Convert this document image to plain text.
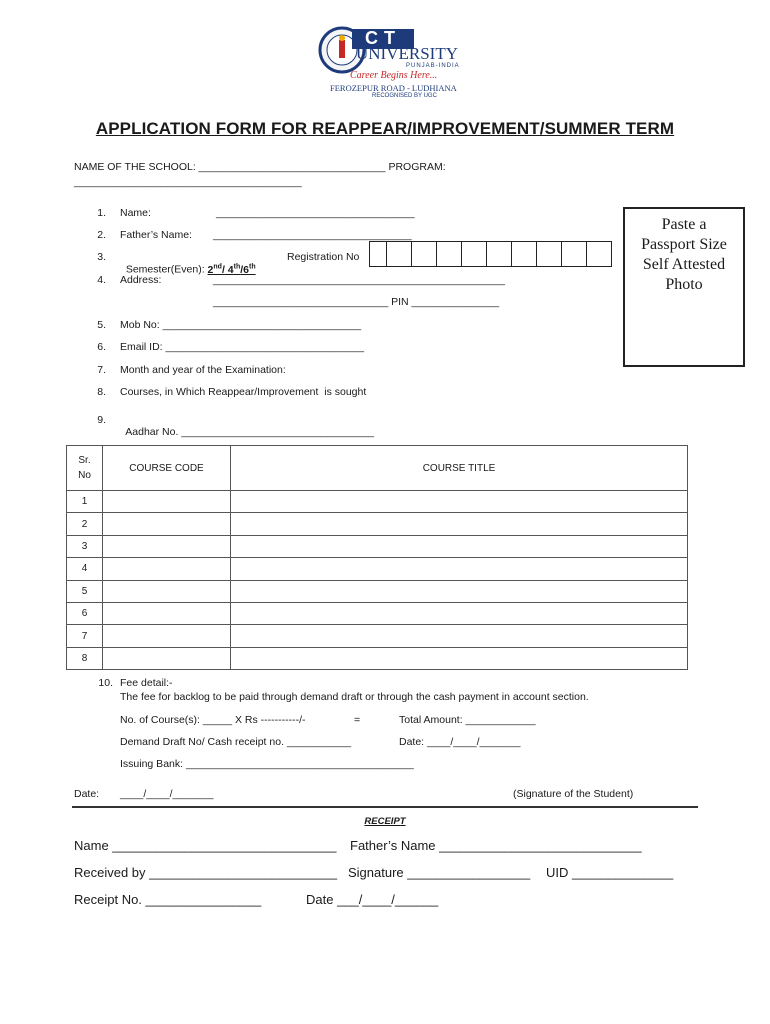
CT
UNIVERSITY
PUNJAB-INDIA
Career Begins Here...
FEROZEPUR ROAD - LUDHIANA
RECOGNISED BY UGC
APPLICATION FORM FOR REAPPEAR/IMPROVEMENT/SUMMER TERM
NAME OF THE SCHOOL: ________________________________ PROGRAM:
_______________________________________
1. Name:	__________________________________
2. Father’s Name: __________________________________
3.

Semester(Even): 2nd/ 4th/6th

Registration No
4. Address:	__________________________________________________
______________________________ PIN _______________
5. Mob No: __________________________________
6. Email ID: __________________________________
7. Month and year of the Examination:
8. Courses, in Which Reappear/Improvement  is sought
9.

Aadhar No. _________________________________

Paste a
Passport Size
Self Attested
Photo
Sr.
No	COURSE CODE	COURSE TITLE
1		
2		
3		
4		
5		
6		
7		
8		
10. Fee detail:-
The fee for backlog to be paid through demand draft or through the cash payment in account section.
No. of Course(s): _____ X Rs -----------/-	=	Total Amount: ____________
Demand Draft No/ Cash receipt no. ___________	Date: ____/____/_______
Issuing Bank: _______________________________________
Date: ____/____/_______	(Signature of the Student)
RECEIPT
Name _______________________________ Father’s Name ____________________________
Received by __________________________ Signature _________________ UID ______________
Receipt No. ________________	Date ___/____/______
